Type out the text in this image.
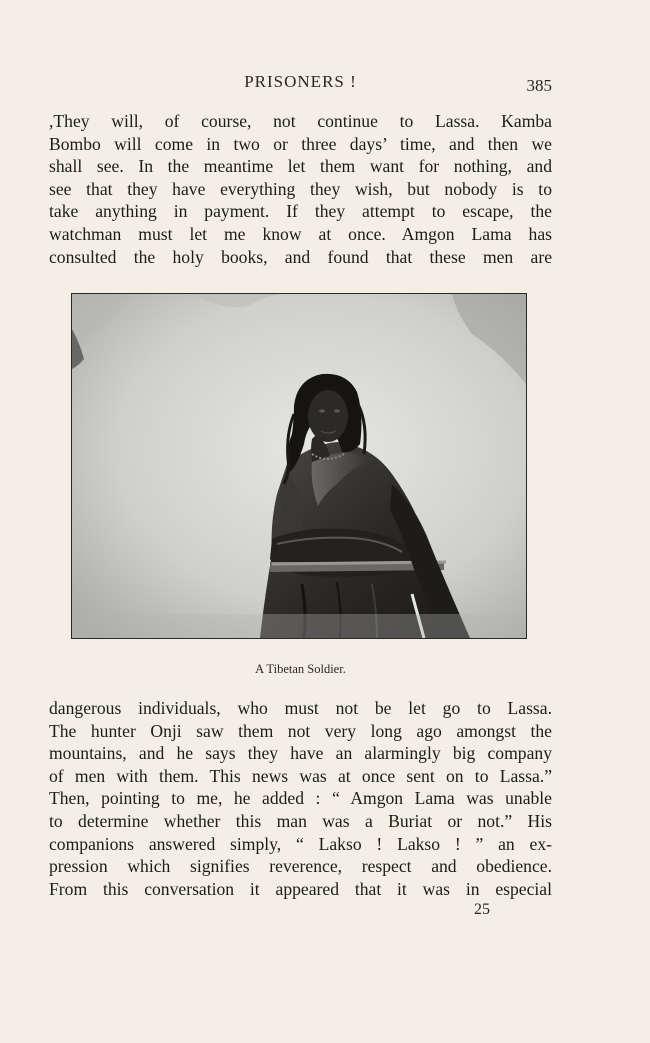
PRISONERS !	385
,They will, of course, not continue to Lassa. Kamba
Bombo will come in two or three days’ time, and then we
shall see. In the meantime let them want for nothing, and
see that they have everything they wish, but nobody is to
take anything in payment. If they attempt to escape, the
watchman must let me know at once. Amgon Lama has
consulted the holy books, and found that these men are
A Tibetan Soldier.
dangerous individuals, who must not be let go to Lassa.
The hunter Onji saw them not very long ago amongst the
mountains, and he says they have an alarmingly big company
of men with them. This news was at once sent on to Lassa.”
Then, pointing to me, he added : “ Amgon Lama was unable
to determine whether this man was a Buriat or not.” His
companions answered simply, “ Lakso ! Lakso ! ” an ex-
pression which signifies reverence, respect and obedience.
From this conversation it appeared that it was in especial
25
